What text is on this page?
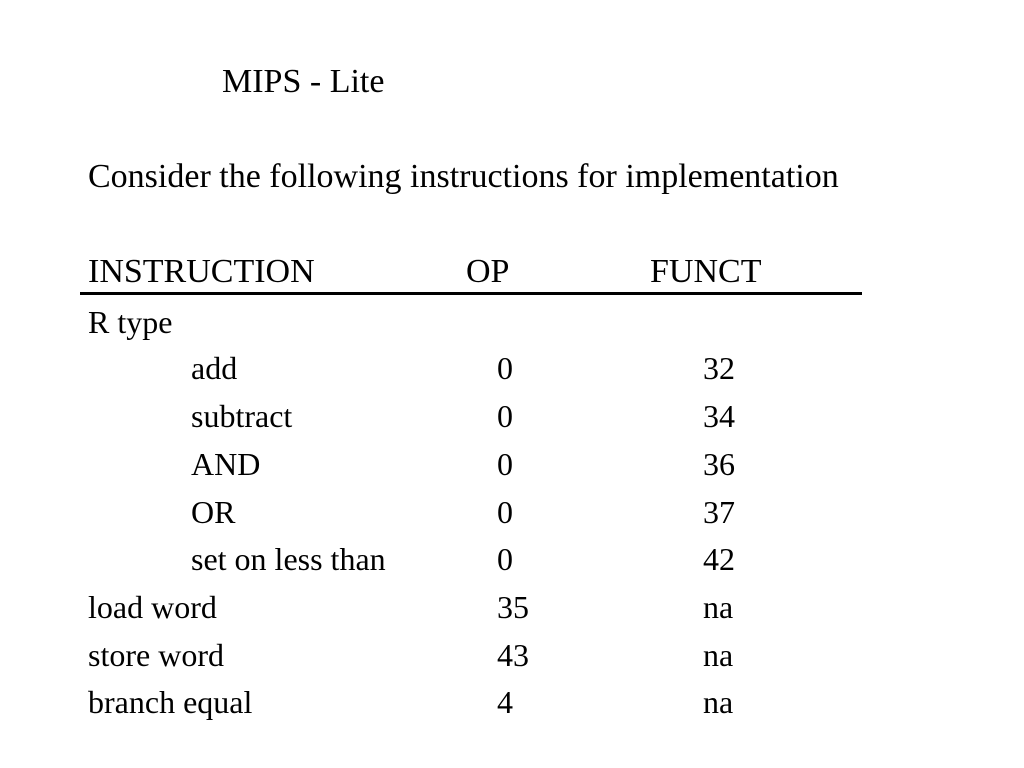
MIPS - Lite
Consider the following instructions for implementation
INSTRUCTION	OP	FUNCT
R type
add	0	32
subtract	0	34
AND	0	36
OR	0	37
set on less than	0	42
load word	35	na
store word	43	na
branch equal	4	na
